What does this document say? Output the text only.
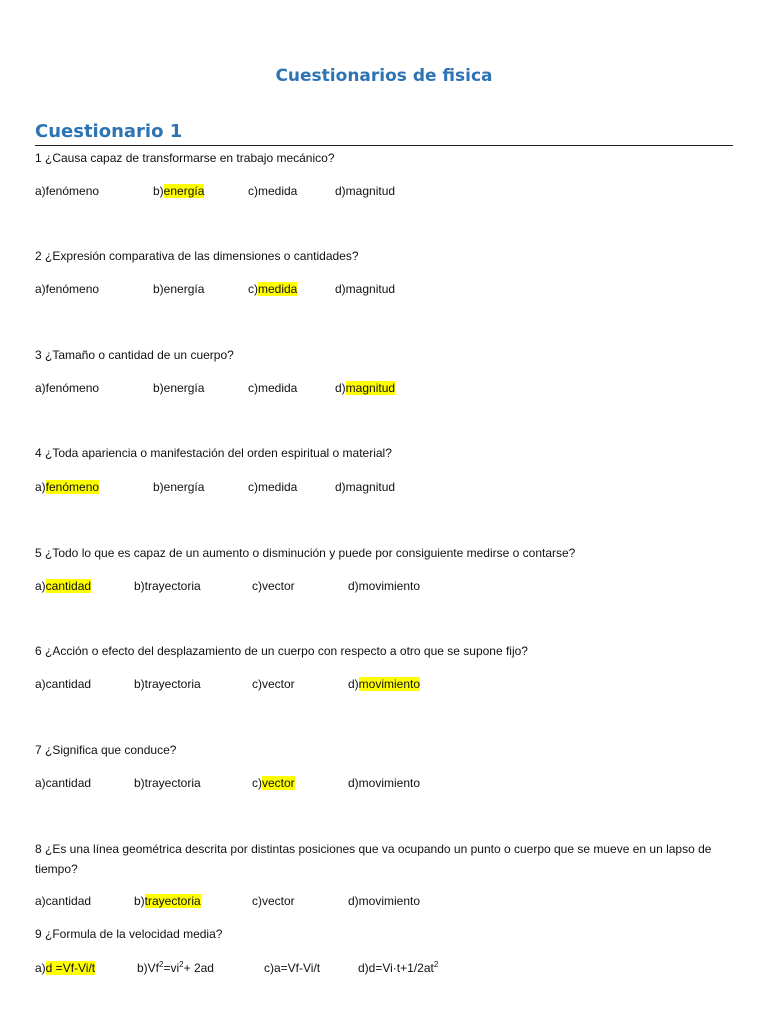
Cuestionarios de fisica
Cuestionario 1
1 ¿Causa capaz de transformarse en trabajo mecánico?
a)fenómeno	b)energía	c)medida	d)magnitud
2 ¿Expresión comparativa de las dimensiones o cantidades?
a)fenómeno	b)energía	c)medida	d)magnitud
3 ¿Tamaño o cantidad de un cuerpo?
a)fenómeno	b)energía	c)medida	d)magnitud
4 ¿Toda apariencia o manifestación del orden espiritual o material?
a)fenómeno	b)energía	c)medida	d)magnitud
5 ¿Todo lo que es capaz de un aumento o disminución y puede por consiguiente medirse o contarse?
a)cantidad	b)trayectoria	c)vector	d)movimiento
6 ¿Acción o efecto del desplazamiento de un cuerpo con respecto a otro que se supone fijo?
a)cantidad	b)trayectoria	c)vector	d)movimiento
7 ¿Significa que conduce?
a)cantidad	b)trayectoria	c)vector	d)movimiento
8 ¿Es una línea geométrica descrita por distintas posiciones que va ocupando un punto o cuerpo que se mueve en un lapso de tiempo?
a)cantidad	b)trayectoria	c)vector	d)movimiento
9 ¿Formula de la velocidad media?
a)d =Vf-Vi/t	$b)Vf^2=vi^2+ 2ad$	c)a=Vf-Vi/t	$d)d=Vi\cdot t+1/2at^2$
